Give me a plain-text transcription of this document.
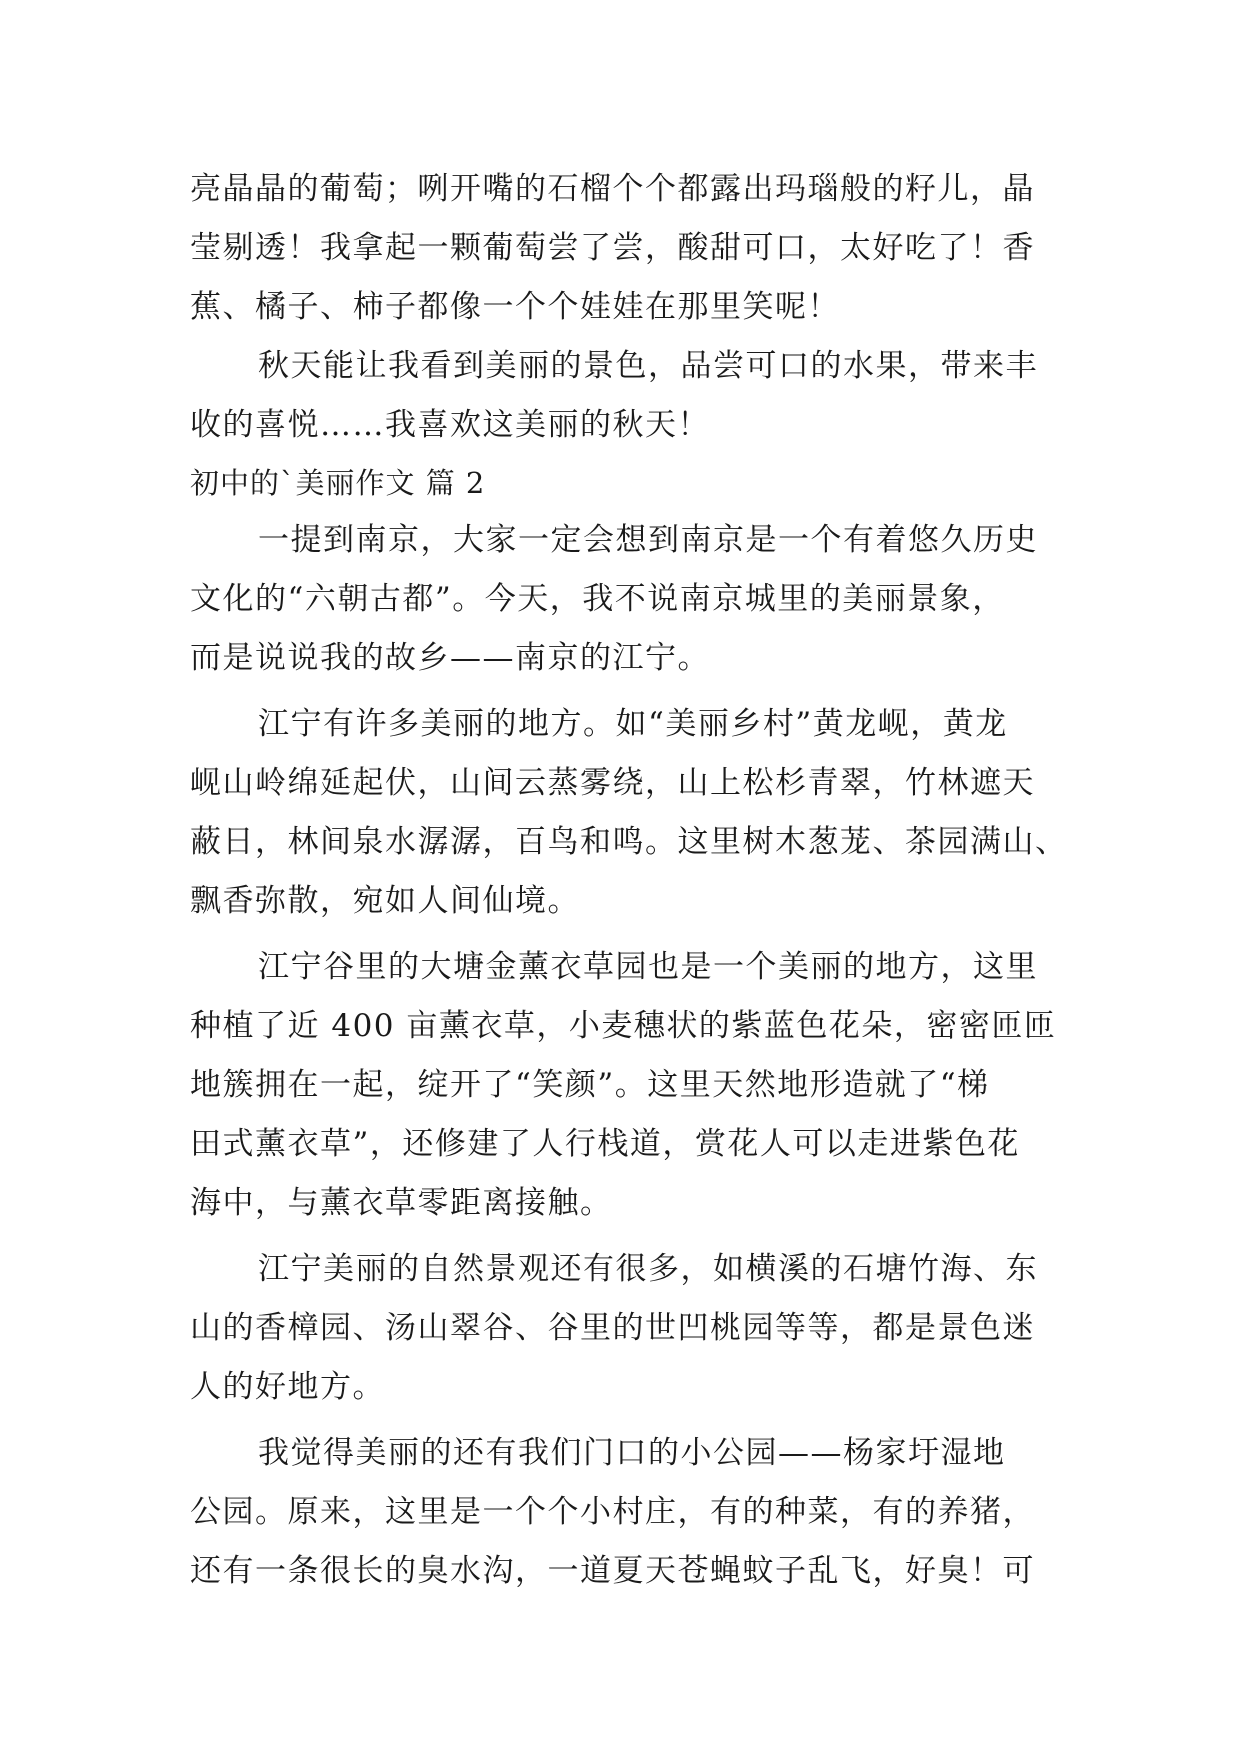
亮晶晶的葡萄；咧开嘴的石榴个个都露出玛瑙般的籽儿，晶
莹剔透！我拿起一颗葡萄尝了尝，酸甜可口，太好吃了！香
蕉、橘子、柿子都像一个个娃娃在那里笑呢！
秋天能让我看到美丽的景色，品尝可口的水果，带来丰
收的喜悦……我喜欢这美丽的秋天！
初中的`美丽作文 篇 2
一提到南京，大家一定会想到南京是一个有着悠久历史
文化的“六朝古都”。今天，我不说南京城里的美丽景象，
而是说说我的故乡——南京的江宁。
江宁有许多美丽的地方。如“美丽乡村”黄龙岘，黄龙
岘山岭绵延起伏，山间云蒸雾绕，山上松杉青翠，竹林遮天
蔽日，林间泉水潺潺，百鸟和鸣。这里树木葱茏、茶园满山、
飘香弥散，宛如人间仙境。
江宁谷里的大塘金薰衣草园也是一个美丽的地方，这里
种植了近 400 亩薰衣草，小麦穗状的紫蓝色花朵，密密匝匝
地簇拥在一起，绽开了“笑颜”。这里天然地形造就了“梯
田式薰衣草”，还修建了人行栈道，赏花人可以走进紫色花
海中，与薰衣草零距离接触。
江宁美丽的自然景观还有很多，如横溪的石塘竹海、东
山的香樟园、汤山翠谷、谷里的世凹桃园等等，都是景色迷
人的好地方。
我觉得美丽的还有我们门口的小公园——杨家圩湿地
公园。原来，这里是一个个小村庄，有的种菜，有的养猪，
还有一条很长的臭水沟，一道夏天苍蝇蚊子乱飞，好臭！可
